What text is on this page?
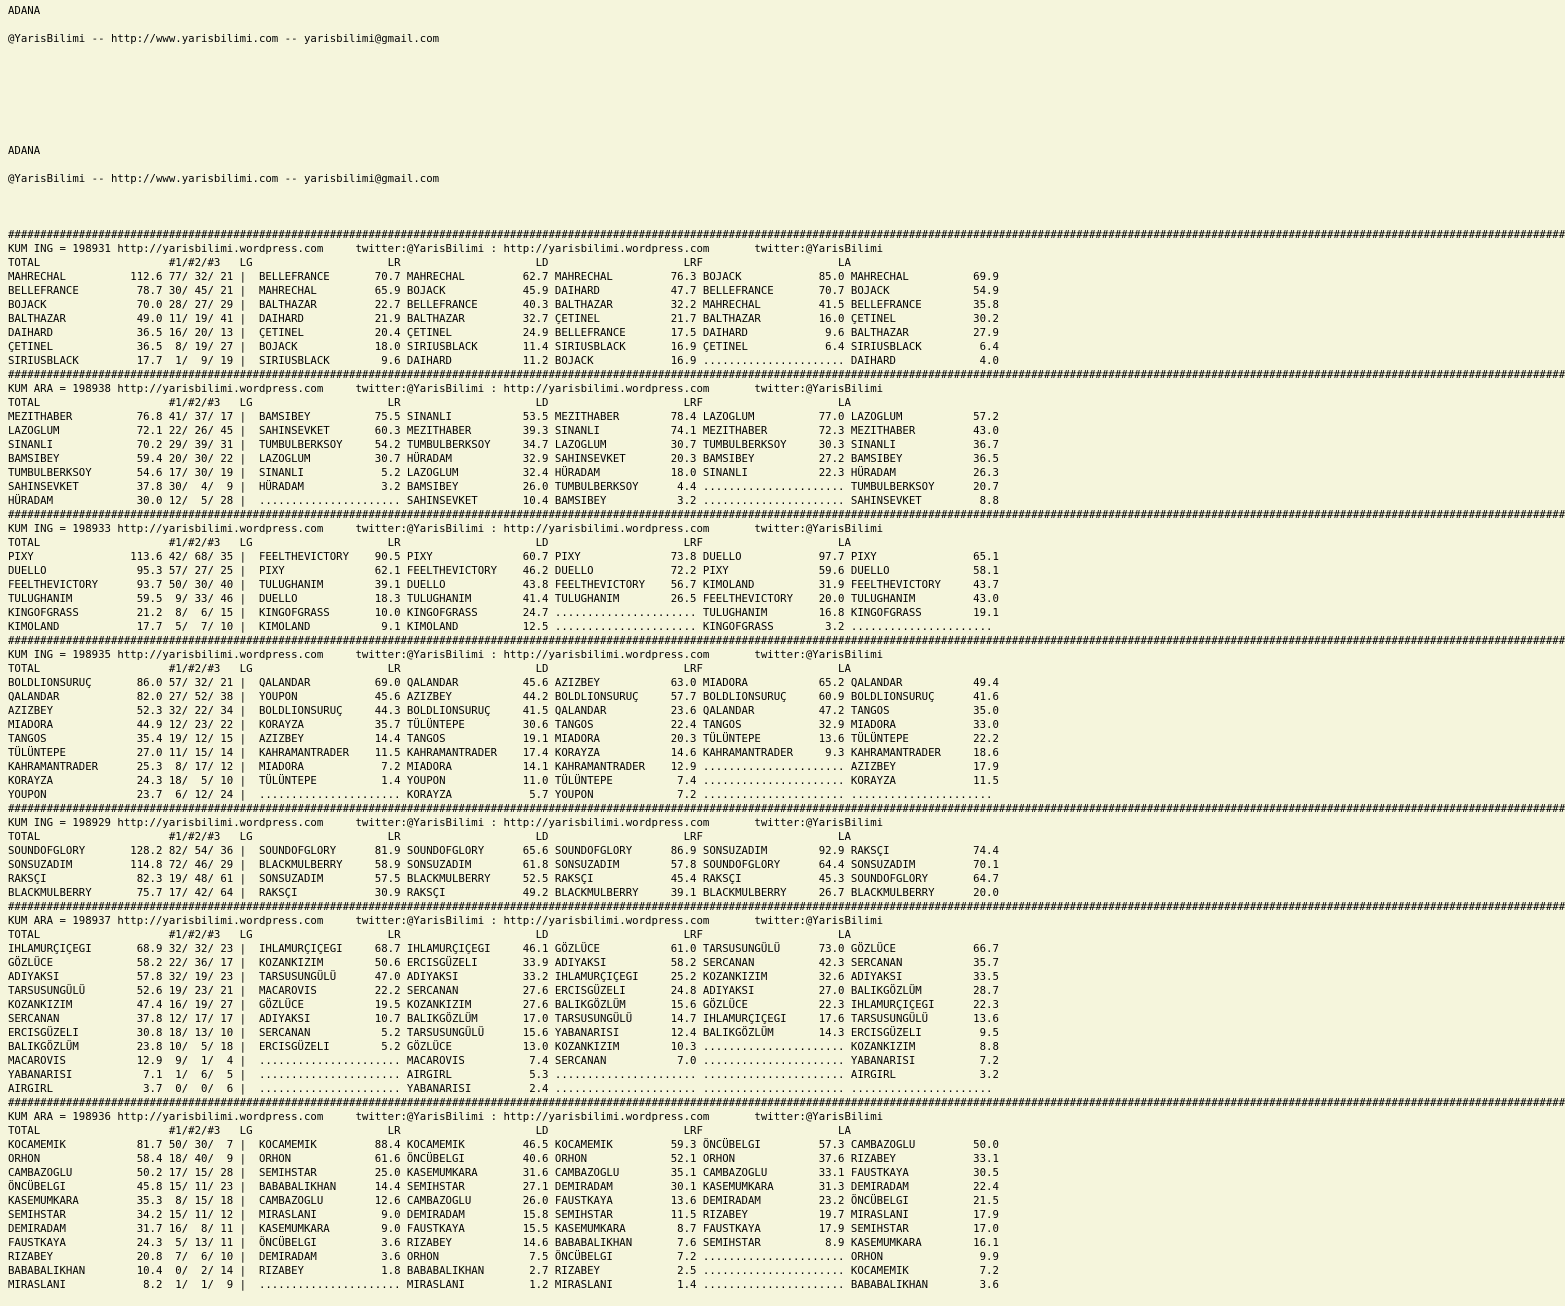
ADANA

@YarisBilimi -- http://www.yarisbilimi.com -- yarisbilimi@gmail.com

ADANA

@YarisBilimi -- http://www.yarisbilimi.com -- yarisbilimi@gmail.com

##################################################################################################################################################################################################################################################
KUM ING = 198931 http://yarisbilimi.wordpress.com     twitter:@YarisBilimi : http://yarisbilimi.wordpress.com       twitter:@YarisBilimi
TOTAL                    #1/#2/#3   LG                     LR                     LD                     LRF                     LA
MAHRECHAL          112.6 77/ 32/ 21 |  BELLEFRANCE       70.7 MAHRECHAL         62.7 MAHRECHAL         76.3 BOJACK            85.0 MAHRECHAL          69.9
BELLEFRANCE         78.7 30/ 45/ 21 |  MAHRECHAL         65.9 BOJACK            45.9 DAIHARD           47.7 BELLEFRANCE       70.7 BOJACK             54.9
BOJACK              70.0 28/ 27/ 29 |  BALTHAZAR         22.7 BELLEFRANCE       40.3 BALTHAZAR         32.2 MAHRECHAL         41.5 BELLEFRANCE        35.8
BALTHAZAR           49.0 11/ 19/ 41 |  DAIHARD           21.9 BALTHAZAR         32.7 ÇETINEL           21.7 BALTHAZAR         16.0 ÇETINEL            30.2
DAIHARD             36.5 16/ 20/ 13 |  ÇETINEL           20.4 ÇETINEL           24.9 BELLEFRANCE       17.5 DAIHARD            9.6 BALTHAZAR          27.9
ÇETINEL             36.5  8/ 19/ 27 |  BOJACK            18.0 SIRIUSBLACK       11.4 SIRIUSBLACK       16.9 ÇETINEL            6.4 SIRIUSBLACK         6.4
SIRIUSBLACK         17.7  1/  9/ 19 |  SIRIUSBLACK        9.6 DAIHARD           11.2 BOJACK            16.9 ...................... DAIHARD             4.0
##################################################################################################################################################################################################################################################
KUM ARA = 198938 http://yarisbilimi.wordpress.com     twitter:@YarisBilimi : http://yarisbilimi.wordpress.com       twitter:@YarisBilimi
TOTAL                    #1/#2/#3   LG                     LR                     LD                     LRF                     LA
MEZITHABER          76.8 41/ 37/ 17 |  BAMSIBEY          75.5 SINANLI           53.5 MEZITHABER        78.4 LAZOGLUM          77.0 LAZOGLUM           57.2
LAZOGLUM            72.1 22/ 26/ 45 |  SAHINSEVKET       60.3 MEZITHABER        39.3 SINANLI           74.1 MEZITHABER        72.3 MEZITHABER         43.0
SINANLI             70.2 29/ 39/ 31 |  TUMBULBERKSOY     54.2 TUMBULBERKSOY     34.7 LAZOGLUM          30.7 TUMBULBERKSOY     30.3 SINANLI            36.7
BAMSIBEY            59.4 20/ 30/ 22 |  LAZOGLUM          30.7 HÜRADAM           32.9 SAHINSEVKET       20.3 BAMSIBEY          27.2 BAMSIBEY           36.5
TUMBULBERKSOY       54.6 17/ 30/ 19 |  SINANLI            5.2 LAZOGLUM          32.4 HÜRADAM           18.0 SINANLI           22.3 HÜRADAM            26.3
SAHINSEVKET         37.8 30/  4/  9 |  HÜRADAM            3.2 BAMSIBEY          26.0 TUMBULBERKSOY      4.4 ...................... TUMBULBERKSOY      20.7
HÜRADAM             30.0 12/  5/ 28 |  ...................... SAHINSEVKET       10.4 BAMSIBEY           3.2 ...................... SAHINSEVKET         8.8
##################################################################################################################################################################################################################################################
KUM ING = 198933 http://yarisbilimi.wordpress.com     twitter:@YarisBilimi : http://yarisbilimi.wordpress.com       twitter:@YarisBilimi
TOTAL                    #1/#2/#3   LG                     LR                     LD                     LRF                     LA
PIXY               113.6 42/ 68/ 35 |  FEELTHEVICTORY    90.5 PIXY              60.7 PIXY              73.8 DUELLO            97.7 PIXY               65.1
DUELLO              95.3 57/ 27/ 25 |  PIXY              62.1 FEELTHEVICTORY    46.2 DUELLO            72.2 PIXY              59.6 DUELLO             58.1
FEELTHEVICTORY      93.7 50/ 30/ 40 |  TULUGHANIM        39.1 DUELLO            43.8 FEELTHEVICTORY    56.7 KIMOLAND          31.9 FEELTHEVICTORY     43.7
TULUGHANIM          59.5  9/ 33/ 46 |  DUELLO            18.3 TULUGHANIM        41.4 TULUGHANIM        26.5 FEELTHEVICTORY    20.0 TULUGHANIM         43.0
KINGOFGRASS         21.2  8/  6/ 15 |  KINGOFGRASS       10.0 KINGOFGRASS       24.7 ...................... TULUGHANIM        16.8 KINGOFGRASS        19.1
KIMOLAND            17.7  5/  7/ 10 |  KIMOLAND           9.1 KIMOLAND          12.5 ...................... KINGOFGRASS        3.2 ......................
##################################################################################################################################################################################################################################################
KUM ING = 198935 http://yarisbilimi.wordpress.com     twitter:@YarisBilimi : http://yarisbilimi.wordpress.com       twitter:@YarisBilimi
TOTAL                    #1/#2/#3   LG                     LR                     LD                     LRF                     LA
BOLDLIONSURUÇ       86.0 57/ 32/ 21 |  QALANDAR          69.0 QALANDAR          45.6 AZIZBEY           63.0 MIADORA           65.2 QALANDAR           49.4
QALANDAR            82.0 27/ 52/ 38 |  YOUPON            45.6 AZIZBEY           44.2 BOLDLIONSURUÇ     57.7 BOLDLIONSURUÇ     60.9 BOLDLIONSURUÇ      41.6
AZIZBEY             52.3 32/ 22/ 34 |  BOLDLIONSURUÇ     44.3 BOLDLIONSURUÇ     41.5 QALANDAR          23.6 QALANDAR          47.2 TANGOS             35.0
MIADORA             44.9 12/ 23/ 22 |  KORAYZA           35.7 TÜLÜNTEPE         30.6 TANGOS            22.4 TANGOS            32.9 MIADORA            33.0
TANGOS              35.4 19/ 12/ 15 |  AZIZBEY           14.4 TANGOS            19.1 MIADORA           20.3 TÜLÜNTEPE         13.6 TÜLÜNTEPE          22.2
TÜLÜNTEPE           27.0 11/ 15/ 14 |  KAHRAMANTRADER    11.5 KAHRAMANTRADER    17.4 KORAYZA           14.6 KAHRAMANTRADER     9.3 KAHRAMANTRADER     18.6
KAHRAMANTRADER      25.3  8/ 17/ 12 |  MIADORA            7.2 MIADORA           14.1 KAHRAMANTRADER    12.9 ...................... AZIZBEY            17.9
KORAYZA             24.3 18/  5/ 10 |  TÜLÜNTEPE          1.4 YOUPON            11.0 TÜLÜNTEPE          7.4 ...................... KORAYZA            11.5
YOUPON              23.7  6/ 12/ 24 |  ...................... KORAYZA            5.7 YOUPON             7.2 ...................... ......................
##################################################################################################################################################################################################################################################
KUM ING = 198929 http://yarisbilimi.wordpress.com     twitter:@YarisBilimi : http://yarisbilimi.wordpress.com       twitter:@YarisBilimi
TOTAL                    #1/#2/#3   LG                     LR                     LD                     LRF                     LA
SOUNDOFGLORY       128.2 82/ 54/ 36 |  SOUNDOFGLORY      81.9 SOUNDOFGLORY      65.6 SOUNDOFGLORY      86.9 SONSUZADIM        92.9 RAKSÇI             74.4
SONSUZADIM         114.8 72/ 46/ 29 |  BLACKMULBERRY     58.9 SONSUZADIM        61.8 SONSUZADIM        57.8 SOUNDOFGLORY      64.4 SONSUZADIM         70.1
RAKSÇI              82.3 19/ 48/ 61 |  SONSUZADIM        57.5 BLACKMULBERRY     52.5 RAKSÇI            45.4 RAKSÇI            45.3 SOUNDOFGLORY       64.7
BLACKMULBERRY       75.7 17/ 42/ 64 |  RAKSÇI            30.9 RAKSÇI            49.2 BLACKMULBERRY     39.1 BLACKMULBERRY     26.7 BLACKMULBERRY      20.0
##################################################################################################################################################################################################################################################
KUM ARA = 198937 http://yarisbilimi.wordpress.com     twitter:@YarisBilimi : http://yarisbilimi.wordpress.com       twitter:@YarisBilimi
TOTAL                    #1/#2/#3   LG                     LR                     LD                     LRF                     LA
IHLAMURÇIÇEGI       68.9 32/ 32/ 23 |  IHLAMURÇIÇEGI     68.7 IHLAMURÇIÇEGI     46.1 GÖZLÜCE           61.0 TARSUSUNGÜLÜ      73.0 GÖZLÜCE            66.7
GÖZLÜCE             58.2 22/ 36/ 17 |  KOZANKIZIM        50.6 ERCISGÜZELI       33.9 ADIYAKSI          58.2 SERCANAN          42.3 SERCANAN           35.7
ADIYAKSI            57.8 32/ 19/ 23 |  TARSUSUNGÜLÜ      47.0 ADIYAKSI          33.2 IHLAMURÇIÇEGI     25.2 KOZANKIZIM        32.6 ADIYAKSI           33.5
TARSUSUNGÜLÜ        52.6 19/ 23/ 21 |  MACAROVIS         22.2 SERCANAN          27.6 ERCISGÜZELI       24.8 ADIYAKSI          27.0 BALIKGÖZLÜM        28.7
KOZANKIZIM          47.4 16/ 19/ 27 |  GÖZLÜCE           19.5 KOZANKIZIM        27.6 BALIKGÖZLÜM       15.6 GÖZLÜCE           22.3 IHLAMURÇIÇEGI      22.3
SERCANAN            37.8 12/ 17/ 17 |  ADIYAKSI          10.7 BALIKGÖZLÜM       17.0 TARSUSUNGÜLÜ      14.7 IHLAMURÇIÇEGI     17.6 TARSUSUNGÜLÜ       13.6
ERCISGÜZELI         30.8 18/ 13/ 10 |  SERCANAN           5.2 TARSUSUNGÜLÜ      15.6 YABANARISI        12.4 BALIKGÖZLÜM       14.3 ERCISGÜZELI         9.5
BALIKGÖZLÜM         23.8 10/  5/ 18 |  ERCISGÜZELI        5.2 GÖZLÜCE           13.0 KOZANKIZIM        10.3 ...................... KOZANKIZIM          8.8
MACAROVIS           12.9  9/  1/  4 |  ...................... MACAROVIS          7.4 SERCANAN           7.0 ...................... YABANARISI          7.2
YABANARISI           7.1  1/  6/  5 |  ...................... AIRGIRL            5.3 ...................... ...................... AIRGIRL             3.2
AIRGIRL              3.7  0/  0/  6 |  ...................... YABANARISI         2.4 ...................... ...................... ......................
##################################################################################################################################################################################################################################################
KUM ARA = 198936 http://yarisbilimi.wordpress.com     twitter:@YarisBilimi : http://yarisbilimi.wordpress.com       twitter:@YarisBilimi
TOTAL                    #1/#2/#3   LG                     LR                     LD                     LRF                     LA
KOCAMEMIK           81.7 50/ 30/  7 |  KOCAMEMIK         88.4 KOCAMEMIK         46.5 KOCAMEMIK         59.3 ÖNCÜBELGI         57.3 CAMBAZOGLU         50.0
ORHON               58.4 18/ 40/  9 |  ORHON             61.6 ÖNCÜBELGI         40.6 ORHON             52.1 ORHON             37.6 RIZABEY            33.1
CAMBAZOGLU          50.2 17/ 15/ 28 |  SEMIHSTAR         25.0 KASEMUMKARA       31.6 CAMBAZOGLU        35.1 CAMBAZOGLU        33.1 FAUSTKAYA          30.5
ÖNCÜBELGI           45.8 15/ 11/ 23 |  BABABALIKHAN      14.4 SEMIHSTAR         27.1 DEMIRADAM         30.1 KASEMUMKARA       31.3 DEMIRADAM          22.4
KASEMUMKARA         35.3  8/ 15/ 18 |  CAMBAZOGLU        12.6 CAMBAZOGLU        26.0 FAUSTKAYA         13.6 DEMIRADAM         23.2 ÖNCÜBELGI          21.5
SEMIHSTAR           34.2 15/ 11/ 12 |  MIRASLANI          9.0 DEMIRADAM         15.8 SEMIHSTAR         11.5 RIZABEY           19.7 MIRASLANI          17.9
DEMIRADAM           31.7 16/  8/ 11 |  KASEMUMKARA        9.0 FAUSTKAYA         15.5 KASEMUMKARA        8.7 FAUSTKAYA         17.9 SEMIHSTAR          17.0
FAUSTKAYA           24.3  5/ 13/ 11 |  ÖNCÜBELGI          3.6 RIZABEY           14.6 BABABALIKHAN       7.6 SEMIHSTAR          8.9 KASEMUMKARA        16.1
RIZABEY             20.8  7/  6/ 10 |  DEMIRADAM          3.6 ORHON              7.5 ÖNCÜBELGI          7.2 ...................... ORHON               9.9
BABABALIKHAN        10.4  0/  2/ 14 |  RIZABEY            1.8 BABABALIKHAN       2.7 RIZABEY            2.5 ...................... KOCAMEMIK           7.2
MIRASLANI            8.2  1/  1/  9 |  ...................... MIRASLANI          1.2 MIRASLANI          1.4 ...................... BABABALIKHAN        3.6
